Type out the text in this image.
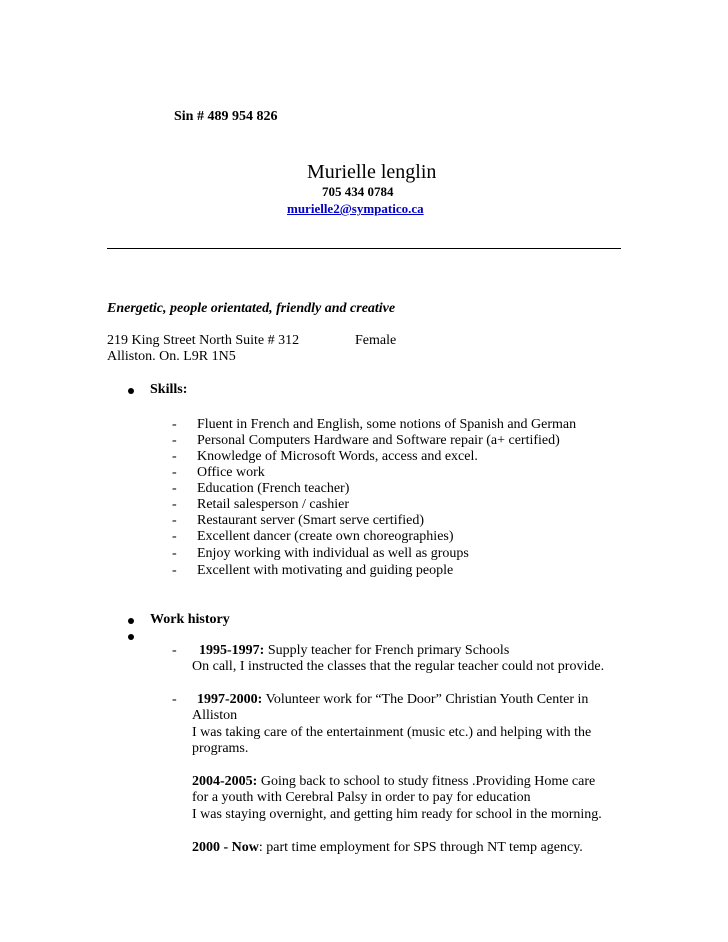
Sin # 489 954 826
Murielle lenglin
705 434 0784
murielle2@sympatico.ca
Energetic, people orientated, friendly and creative
219 King Street North Suite # 312	Female
Alliston. On. L9R 1N5
Skills:
- Fluent in French and English, some notions of Spanish and German
- Personal Computers Hardware and Software repair (a+ certified)
- Knowledge of Microsoft Words, access and excel.
- Office work
- Education (French teacher)
- Retail salesperson / cashier
- Restaurant server (Smart serve certified)
- Excellent dancer (create own choreographies)
- Enjoy working with individual as well as groups
- Excellent with motivating and guiding people
Work history
- 1995-1997: Supply teacher for French primary Schools
On call, I instructed the classes that the regular teacher could not provide.
- 1997-2000: Volunteer work for “The Door” Christian Youth Center in
Alliston
I was taking care of the entertainment (music etc.) and helping with the
programs.
2004-2005: Going back to school to study fitness .Providing Home care
for a youth with Cerebral Palsy in order to pay for education
I was staying overnight, and getting him ready for school in the morning.
2000 - Now: part time employment for SPS through NT temp agency.
